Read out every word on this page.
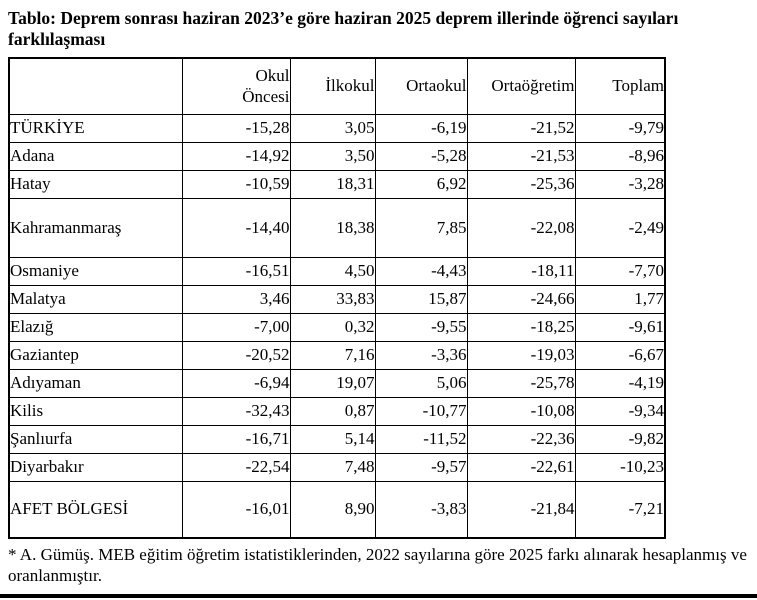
Tablo: Deprem sonrası haziran 2023’e göre haziran 2025 deprem illerinde öğrenci sayıları farklılaşması

	Okul Öncesi	İlkokul	Ortaokul	Ortaöğretim	Toplam
TÜRKİYE	-15,28	3,05	-6,19	-21,52	-9,79
Adana	-14,92	3,50	-5,28	-21,53	-8,96
Hatay	-10,59	18,31	6,92	-25,36	-3,28
Kahramanmaraş	-14,40	18,38	7,85	-22,08	-2,49
Osmaniye	-16,51	4,50	-4,43	-18,11	-7,70
Malatya	3,46	33,83	15,87	-24,66	1,77
Elazığ	-7,00	0,32	-9,55	-18,25	-9,61
Gaziantep	-20,52	7,16	-3,36	-19,03	-6,67
Adıyaman	-6,94	19,07	5,06	-25,78	-4,19
Kilis	-32,43	0,87	-10,77	-10,08	-9,34
Şanlıurfa	-16,71	5,14	-11,52	-22,36	-9,82
Diyarbakır	-22,54	7,48	-9,57	-22,61	-10,23
AFET BÖLGESİ	-16,01	8,90	-3,83	-21,84	-7,21

* A. Gümüş. MEB eğitim öğretim istatistiklerinden, 2022 sayılarına göre 2025 farkı alınarak hesaplanmış ve oranlanmıştır.
